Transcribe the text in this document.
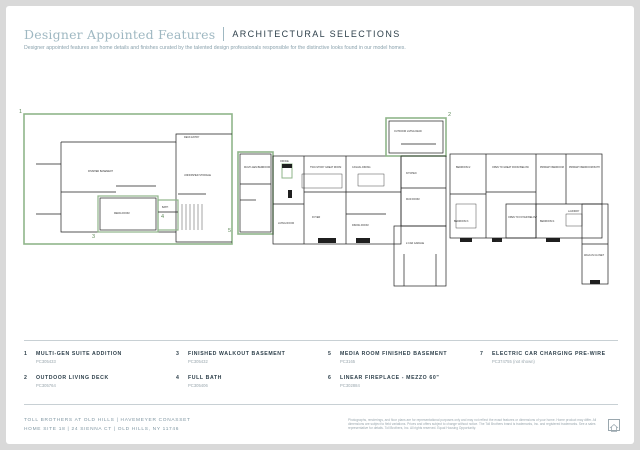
Designer Appointed Features ARCHITECTURAL SELECTIONS
Designer appointed features are home details and finishes curated by the talented design professionals responsible for the distinctive looks found in our model homes.
FINISHED BASEMENT
DECK ENTRY
MEDIA ROOM
UNFINISHED STORAGE
BATH
MULTI-GEN BEDROOM
OFFICE
TWO-STORY GREAT ROOM	CASUAL DINING
KITCHEN
LIVING ROOM
DINING ROOM
OUTDOOR LIVING DECK
2-CAR GARAGE
FOYER
MUD ROOM
BEDROOM 2	OPEN TO GREAT ROOM BELOW	PRIMARY BEDROOM PRIMARY BEDROOM BATH
BEDROOM 3	BEDROOM 4
OPEN TO FOYER BELOW
LOFT
WALK-IN CLOSET
LAUNDRY
1	2
3
4
5
1 MULTI-GEN SUITE ADDITION
PC305433
2 OUTDOOR LIVING DECK
PC305764
3 FINISHED WALKOUT BASEMENT
PC305432
4 FULL BATH
PC305406
5 MEDIA ROOM FINISHED BASEMENT
PC3165
6 LINEAR FIREPLACE - MEZZO 60"
PC302884
7 ELECTRIC CAR CHARGING PRE-WIRE
PC374755 (not shown)
TOLL BROTHERS AT OLD HILLS | HAVEMEYER CONASSET
HOME SITE 18 | 24 SIENNA CT | OLD HILLS, NY 11746
Photographs, renderings, and floor plans are for representational purposes only and may not reflect the exact features or dimensions of your home. Home product may differ. All dimensions are subject to field variations. Prices and offers subject to change without notice. The Toll Brothers brand is trademarks, Inc. and registered trademarks. See a sales representative for details. Toll Brothers, Inc. All rights reserved. Equal Housing Opportunity.
